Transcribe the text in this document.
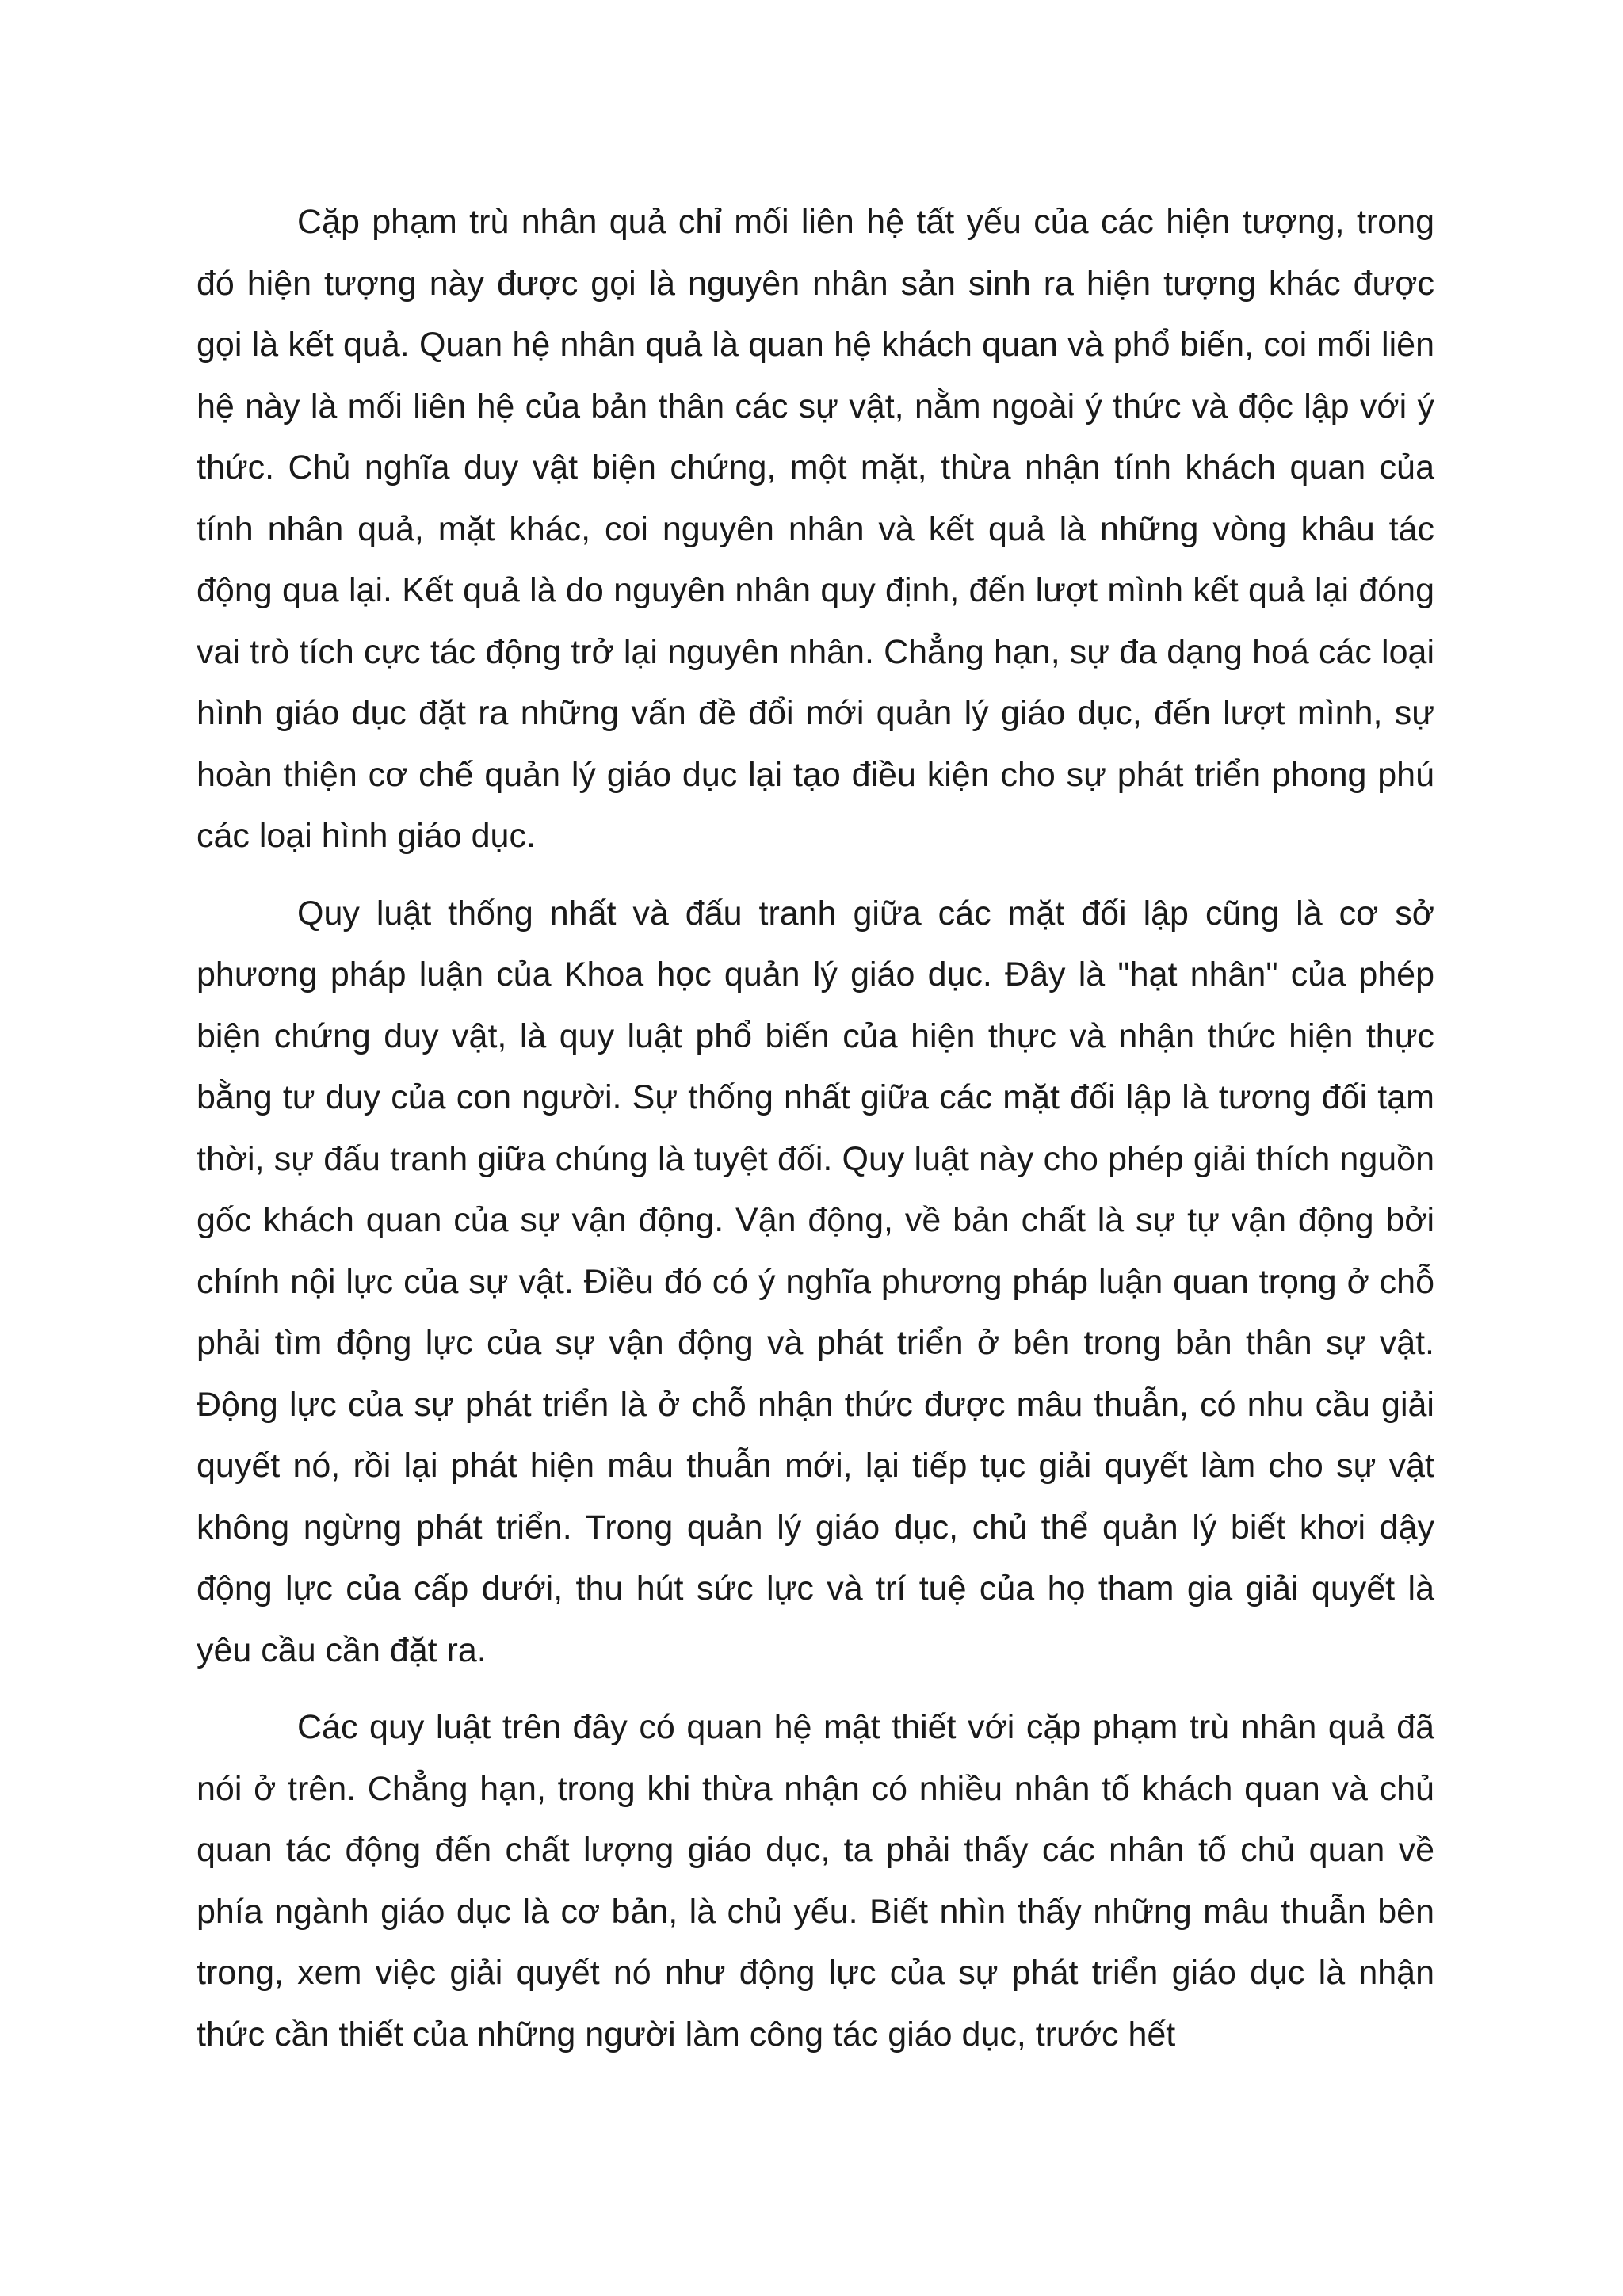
Cặp phạm trù nhân quả chỉ mối liên hệ tất yếu của các hiện tượng, trong đó hiện tượng này được gọi là nguyên nhân sản sinh ra hiện tượng khác được gọi là kết quả. Quan hệ nhân quả là quan hệ khách quan và phổ biến, coi mối liên hệ này là mối liên hệ của bản thân các sự vật, nằm ngoài ý thức và độc lập với ý thức. Chủ nghĩa duy vật biện chứng, một mặt, thừa nhận tính khách quan của tính nhân quả, mặt khác, coi nguyên nhân và kết quả là những vòng khâu tác động qua lại. Kết quả là do nguyên nhân quy định, đến lượt mình kết quả lại đóng vai trò tích cực tác động trở lại nguyên nhân. Chẳng hạn, sự đa dạng hoá các loại hình giáo dục đặt ra những vấn đề đổi mới quản lý giáo dục, đến lượt mình, sự hoàn thiện cơ chế quản lý giáo dục lại tạo điều kiện cho sự phát triển phong phú các loại hình giáo dục.

Quy luật thống nhất và đấu tranh giữa các mặt đối lập cũng là cơ sở phương pháp luận của Khoa học quản lý giáo dục. Đây là "hạt nhân" của phép biện chứng duy vật, là quy luật phổ biến của hiện thực và nhận thức hiện thực bằng tư duy của con người. Sự thống nhất giữa các mặt đối lập là tương đối tạm thời, sự đấu tranh giữa chúng là tuyệt đối. Quy luật này cho phép giải thích nguồn gốc khách quan của sự vận động. Vận động, về bản chất là sự tự vận động bởi chính nội lực của sự vật. Điều đó có ý nghĩa phương pháp luận quan trọng ở chỗ phải tìm động lực của sự vận động và phát triển ở bên trong bản thân sự vật. Động lực của sự phát triển là ở chỗ nhận thức được mâu thuẫn, có nhu cầu giải quyết nó, rồi lại phát hiện mâu thuẫn mới, lại tiếp tục giải quyết làm cho sự vật không ngừng phát triển. Trong quản lý giáo dục, chủ thể quản lý biết khơi dậy động lực của cấp dưới, thu hút sức lực và trí tuệ của họ tham gia giải quyết là yêu cầu cần đặt ra.

Các quy luật trên đây có quan hệ mật thiết với cặp phạm trù nhân quả đã nói ở trên. Chẳng hạn, trong khi thừa nhận có nhiều nhân tố khách quan và chủ quan tác động đến chất lượng giáo dục, ta phải thấy các nhân tố chủ quan về phía ngành giáo dục là cơ bản, là chủ yếu. Biết nhìn thấy những mâu thuẫn bên trong, xem việc giải quyết nó như động lực của sự phát triển giáo dục là nhận thức cần thiết của những người làm công tác giáo dục, trước hết
